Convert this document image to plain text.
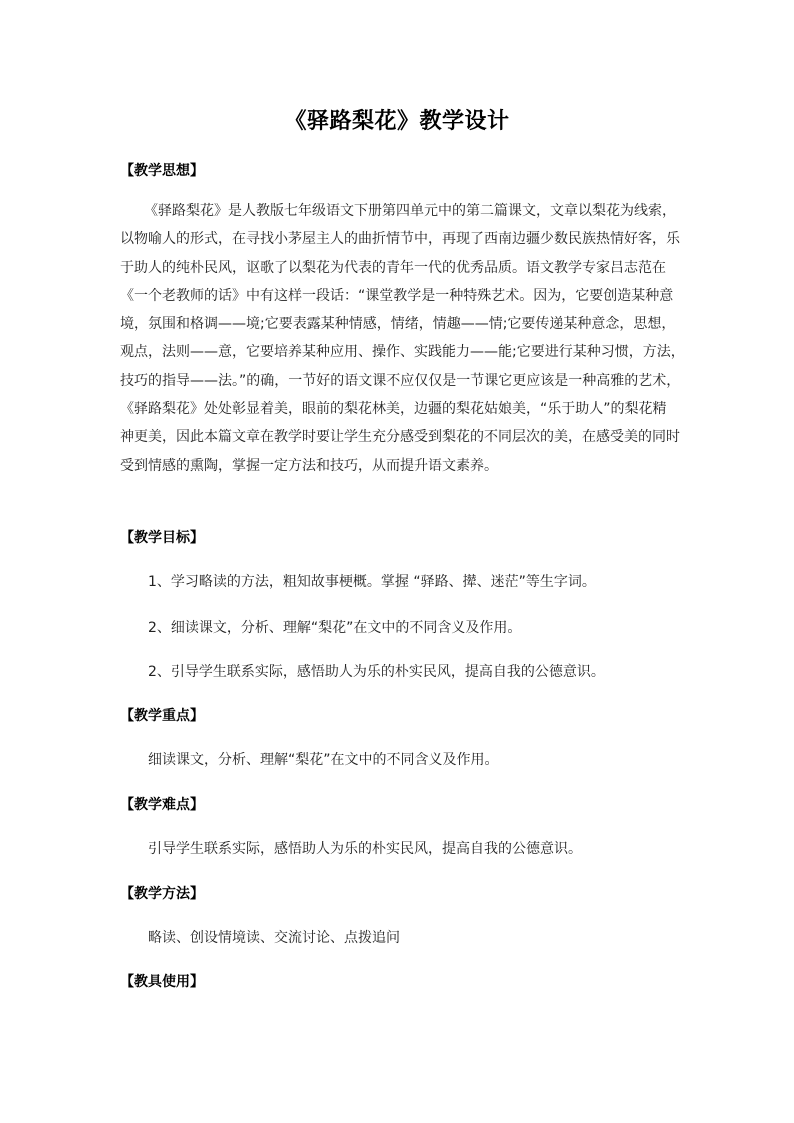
《驿路梨花》教学设计
【教学思想】
《驿路梨花》是人教版七年级语文下册第四单元中的第二篇课文，文章以梨花为线索，
以物喻人的形式，在寻找小茅屋主人的曲折情节中，再现了西南边疆少数民族热情好客，乐
于助人的纯朴民风，讴歌了以梨花为代表的青年一代的优秀品质。语文教学专家吕志范在
《一个老教师的话》中有这样一段话：“课堂教学是一种特殊艺术。因为，它要创造某种意
境，氛围和格调——境;它要表露某种情感，情绪，情趣——情;它要传递某种意念，思想，
观点，法则——意，它要培养某种应用、操作、实践能力——能;它要进行某种习惯，方法，
技巧的指导——法。”的确，一节好的语文课不应仅仅是一节课它更应该是一种高雅的艺术，
《驿路梨花》处处彰显着美，眼前的梨花林美，边疆的梨花姑娘美，“乐于助人”的梨花精
神更美，因此本篇文章在教学时要让学生充分感受到梨花的不同层次的美，在感受美的同时
受到情感的熏陶，掌握一定方法和技巧，从而提升语文素养。
【教学目标】
1、学习略读的方法，粗知故事梗概。掌握 “驿路、撵、迷茫”等生字词。
2、细读课文，分析、理解“梨花”在文中的不同含义及作用。
2、引导学生联系实际，感悟助人为乐的朴实民风，提高自我的公德意识。
【教学重点】
细读课文，分析、理解“梨花”在文中的不同含义及作用。
【教学难点】
引导学生联系实际，感悟助人为乐的朴实民风，提高自我的公德意识。
【教学方法】
略读、创设情境读、交流讨论、点拨追问
【教具使用】
